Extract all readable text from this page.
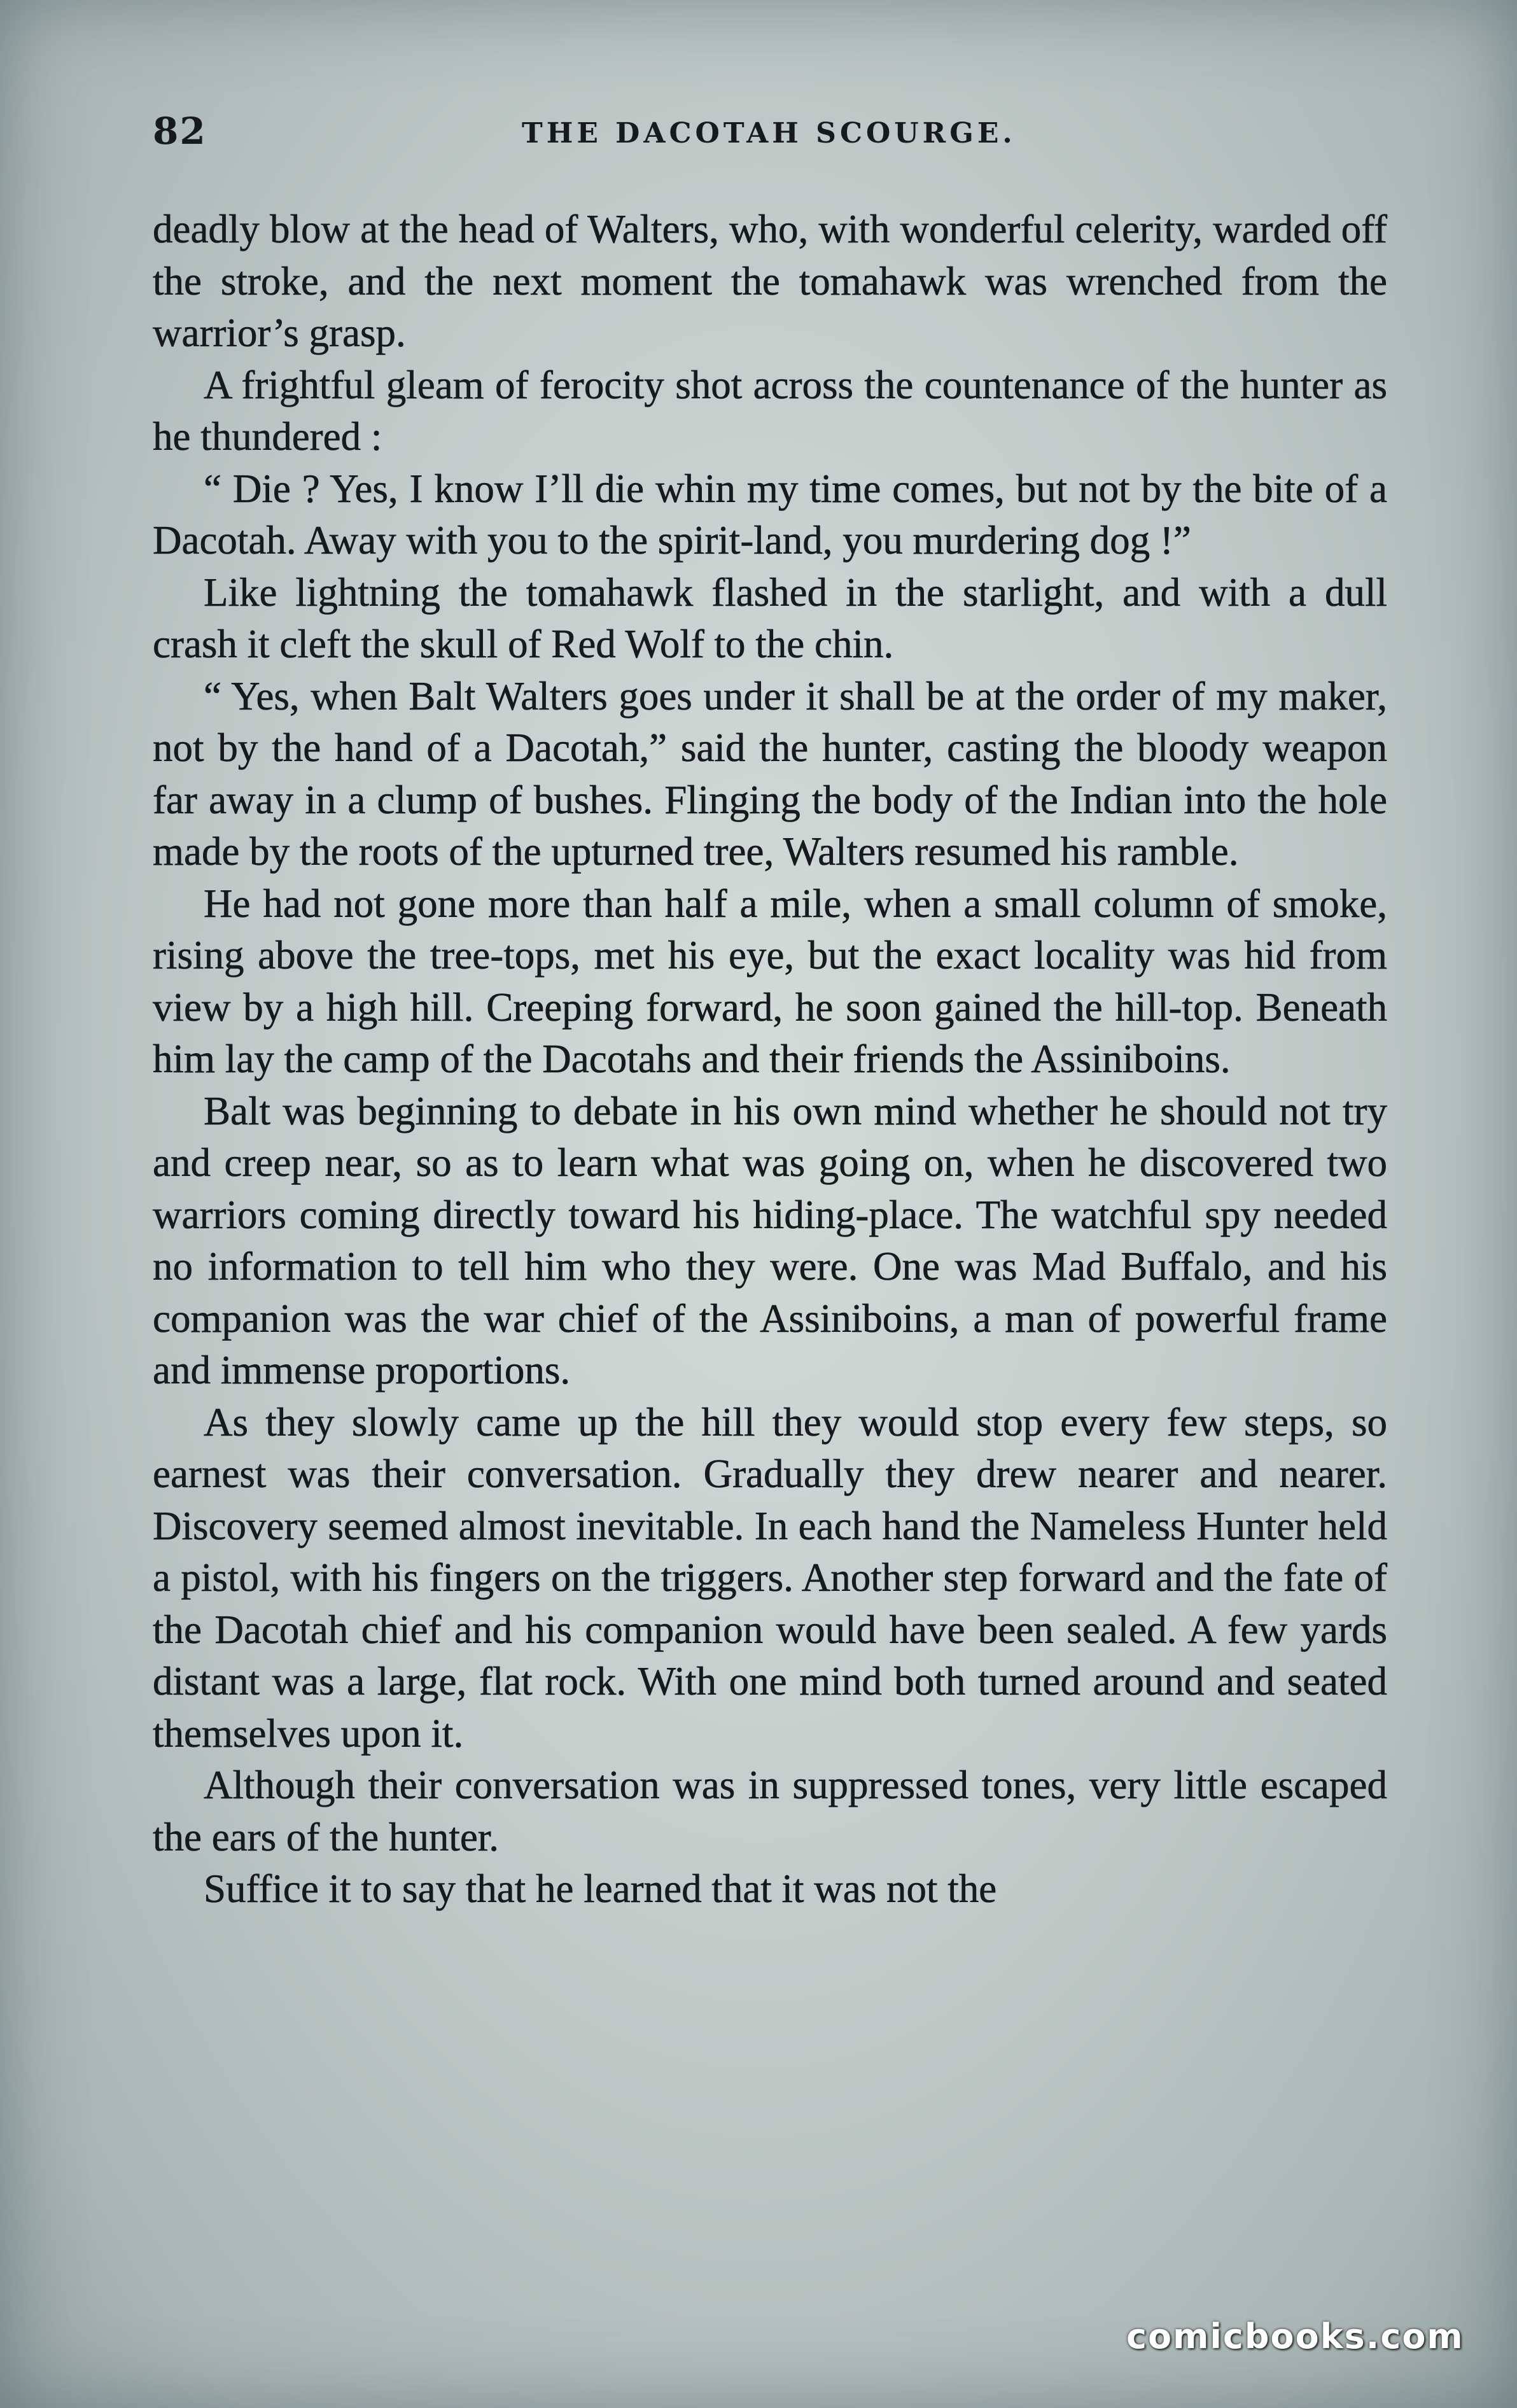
82	THE DACOTAH SCOURGE.

deadly blow at the head of Walters, who, with wonderful celerity, warded off the stroke, and the next moment the tomahawk was wrenched from the warrior’s grasp.

A frightful gleam of ferocity shot across the countenance of the hunter as he thundered :

“ Die ? Yes, I know I’ll die whin my time comes, but not by the bite of a Dacotah. Away with you to the spirit-land, you murdering dog !”

Like lightning the tomahawk flashed in the starlight, and with a dull crash it cleft the skull of Red Wolf to the chin.

“ Yes, when Balt Walters goes under it shall be at the order of my maker, not by the hand of a Dacotah,” said the hunter, casting the bloody weapon far away in a clump of bushes. Flinging the body of the Indian into the hole made by the roots of the upturned tree, Walters resumed his ramble.

He had not gone more than half a mile, when a small column of smoke, rising above the tree-tops, met his eye, but the exact locality was hid from view by a high hill. Creeping forward, he soon gained the hill-top. Beneath him lay the camp of the Dacotahs and their friends the Assiniboins.

Balt was beginning to debate in his own mind whether he should not try and creep near, so as to learn what was going on, when he discovered two warriors coming directly toward his hiding-place. The watchful spy needed no information to tell him who they were. One was Mad Buffalo, and his companion was the war chief of the Assiniboins, a man of powerful frame and immense proportions.

As they slowly came up the hill they would stop every few steps, so earnest was their conversation. Gradually they drew nearer and nearer. Discovery seemed almost inevitable. In each hand the Nameless Hunter held a pistol, with his fingers on the triggers. Another step forward and the fate of the Dacotah chief and his companion would have been sealed. A few yards distant was a large, flat rock. With one mind both turned around and seated themselves upon it.

Although their conversation was in suppressed tones, very little escaped the ears of the hunter.

Suffice it to say that he learned that it was not the

comicbooks.com
